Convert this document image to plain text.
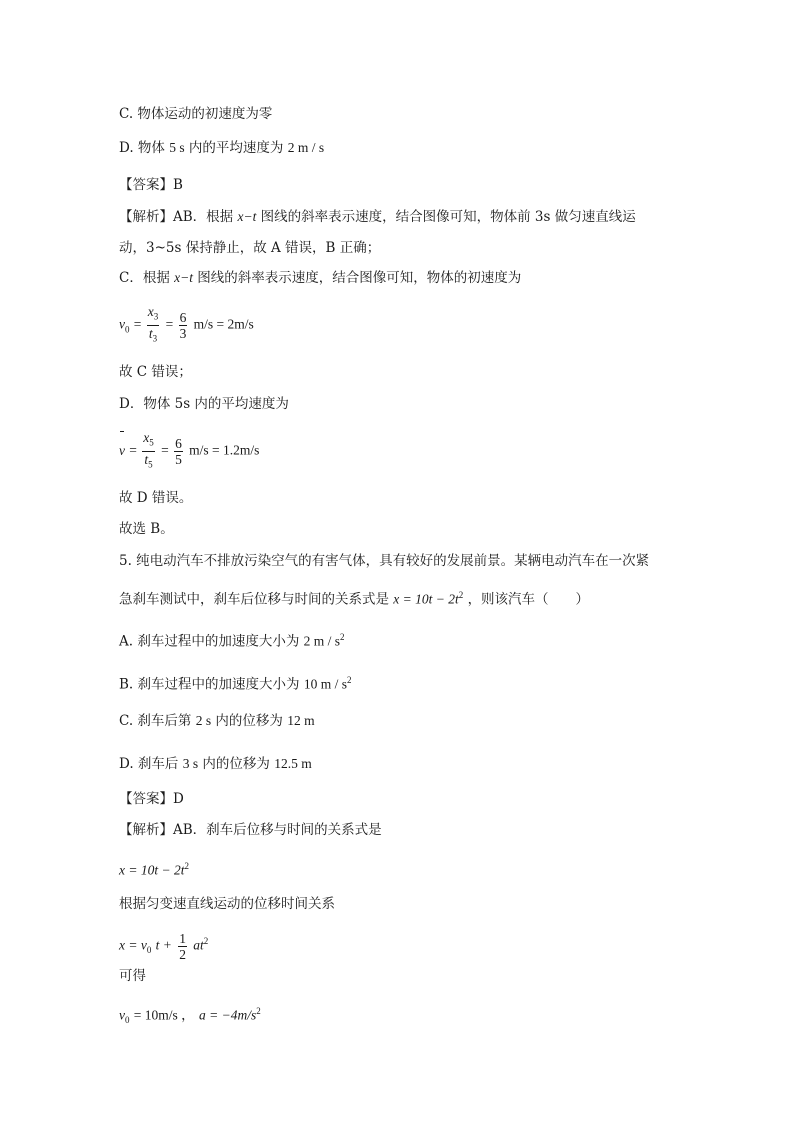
C. 物体运动的初速度为零
D. 物体 5 s 内的平均速度为 2 m / s
【答案】B
【解析】AB．根据 x−t 图线的斜率表示速度，结合图像可知，物体前 3s 做匀速直线运
动，3~5s 保持静止，故 A 错误，B 正确；
C．根据 x−t 图线的斜率表示速度，结合图像可知，物体的初速度为
$v_0 = \frac{x_3}{t_3} = \frac{6}{3} m/s = 2m/s$
故 C 错误；
D．物体 5s 内的平均速度为
$v = \frac{x_5}{t_5} = \frac{6}{5} m/s = 1.2m/s$
故 D 错误。
故选 B。
5. 纯电动汽车不排放污染空气的有害气体，具有较好的发展前景。某辆电动汽车在一次紧
急刹车测试中，刹车后位移与时间的关系式是 $x = 10t - 2t^2$ ，则该汽车（　　）
A. 刹车过程中的加速度大小为 2 m / $s^2$
B. 刹车过程中的加速度大小为 10 m / $s^2$
C. 刹车后第 2 s 内的位移为 12 m
D. 刹车后 3 s 内的位移为 12.5 m
【答案】D
【解析】AB．刹车后位移与时间的关系式是
$x = 10t - 2t^2$
根据匀变速直线运动的位移时间关系
$x = v_0$ $t + \frac{1}{2} at^2$
可得
$v_0 = 10m/s$ ， $a = -4m/s^2$
